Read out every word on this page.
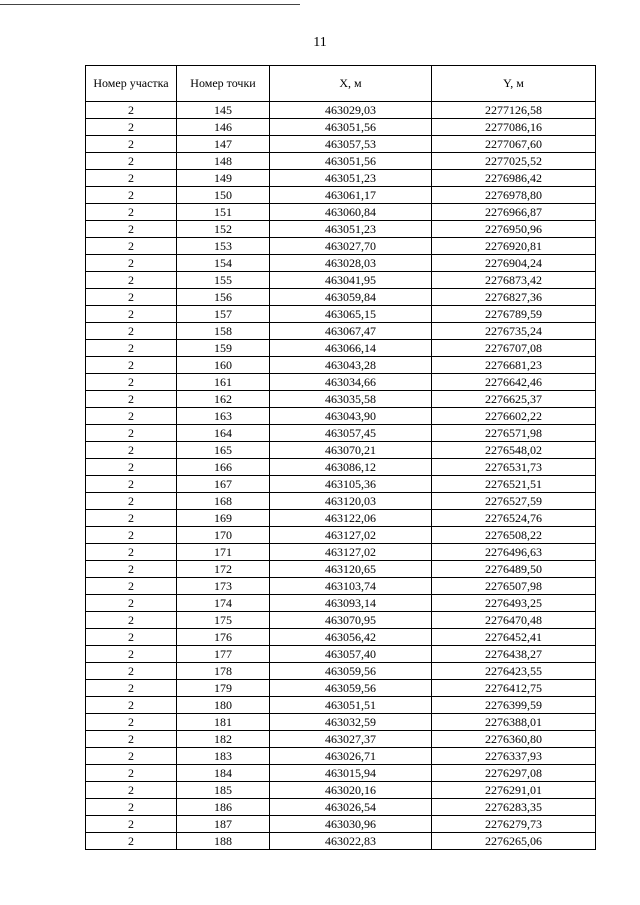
11
Номер участка	Номер точки	X, м	Y, м
2	145	463029,03	2277126,58
2	146	463051,56	2277086,16
2	147	463057,53	2277067,60
2	148	463051,56	2277025,52
2	149	463051,23	2276986,42
2	150	463061,17	2276978,80
2	151	463060,84	2276966,87
2	152	463051,23	2276950,96
2	153	463027,70	2276920,81
2	154	463028,03	2276904,24
2	155	463041,95	2276873,42
2	156	463059,84	2276827,36
2	157	463065,15	2276789,59
2	158	463067,47	2276735,24
2	159	463066,14	2276707,08
2	160	463043,28	2276681,23
2	161	463034,66	2276642,46
2	162	463035,58	2276625,37
2	163	463043,90	2276602,22
2	164	463057,45	2276571,98
2	165	463070,21	2276548,02
2	166	463086,12	2276531,73
2	167	463105,36	2276521,51
2	168	463120,03	2276527,59
2	169	463122,06	2276524,76
2	170	463127,02	2276508,22
2	171	463127,02	2276496,63
2	172	463120,65	2276489,50
2	173	463103,74	2276507,98
2	174	463093,14	2276493,25
2	175	463070,95	2276470,48
2	176	463056,42	2276452,41
2	177	463057,40	2276438,27
2	178	463059,56	2276423,55
2	179	463059,56	2276412,75
2	180	463051,51	2276399,59
2	181	463032,59	2276388,01
2	182	463027,37	2276360,80
2	183	463026,71	2276337,93
2	184	463015,94	2276297,08
2	185	463020,16	2276291,01
2	186	463026,54	2276283,35
2	187	463030,96	2276279,73
2	188	463022,83	2276265,06
